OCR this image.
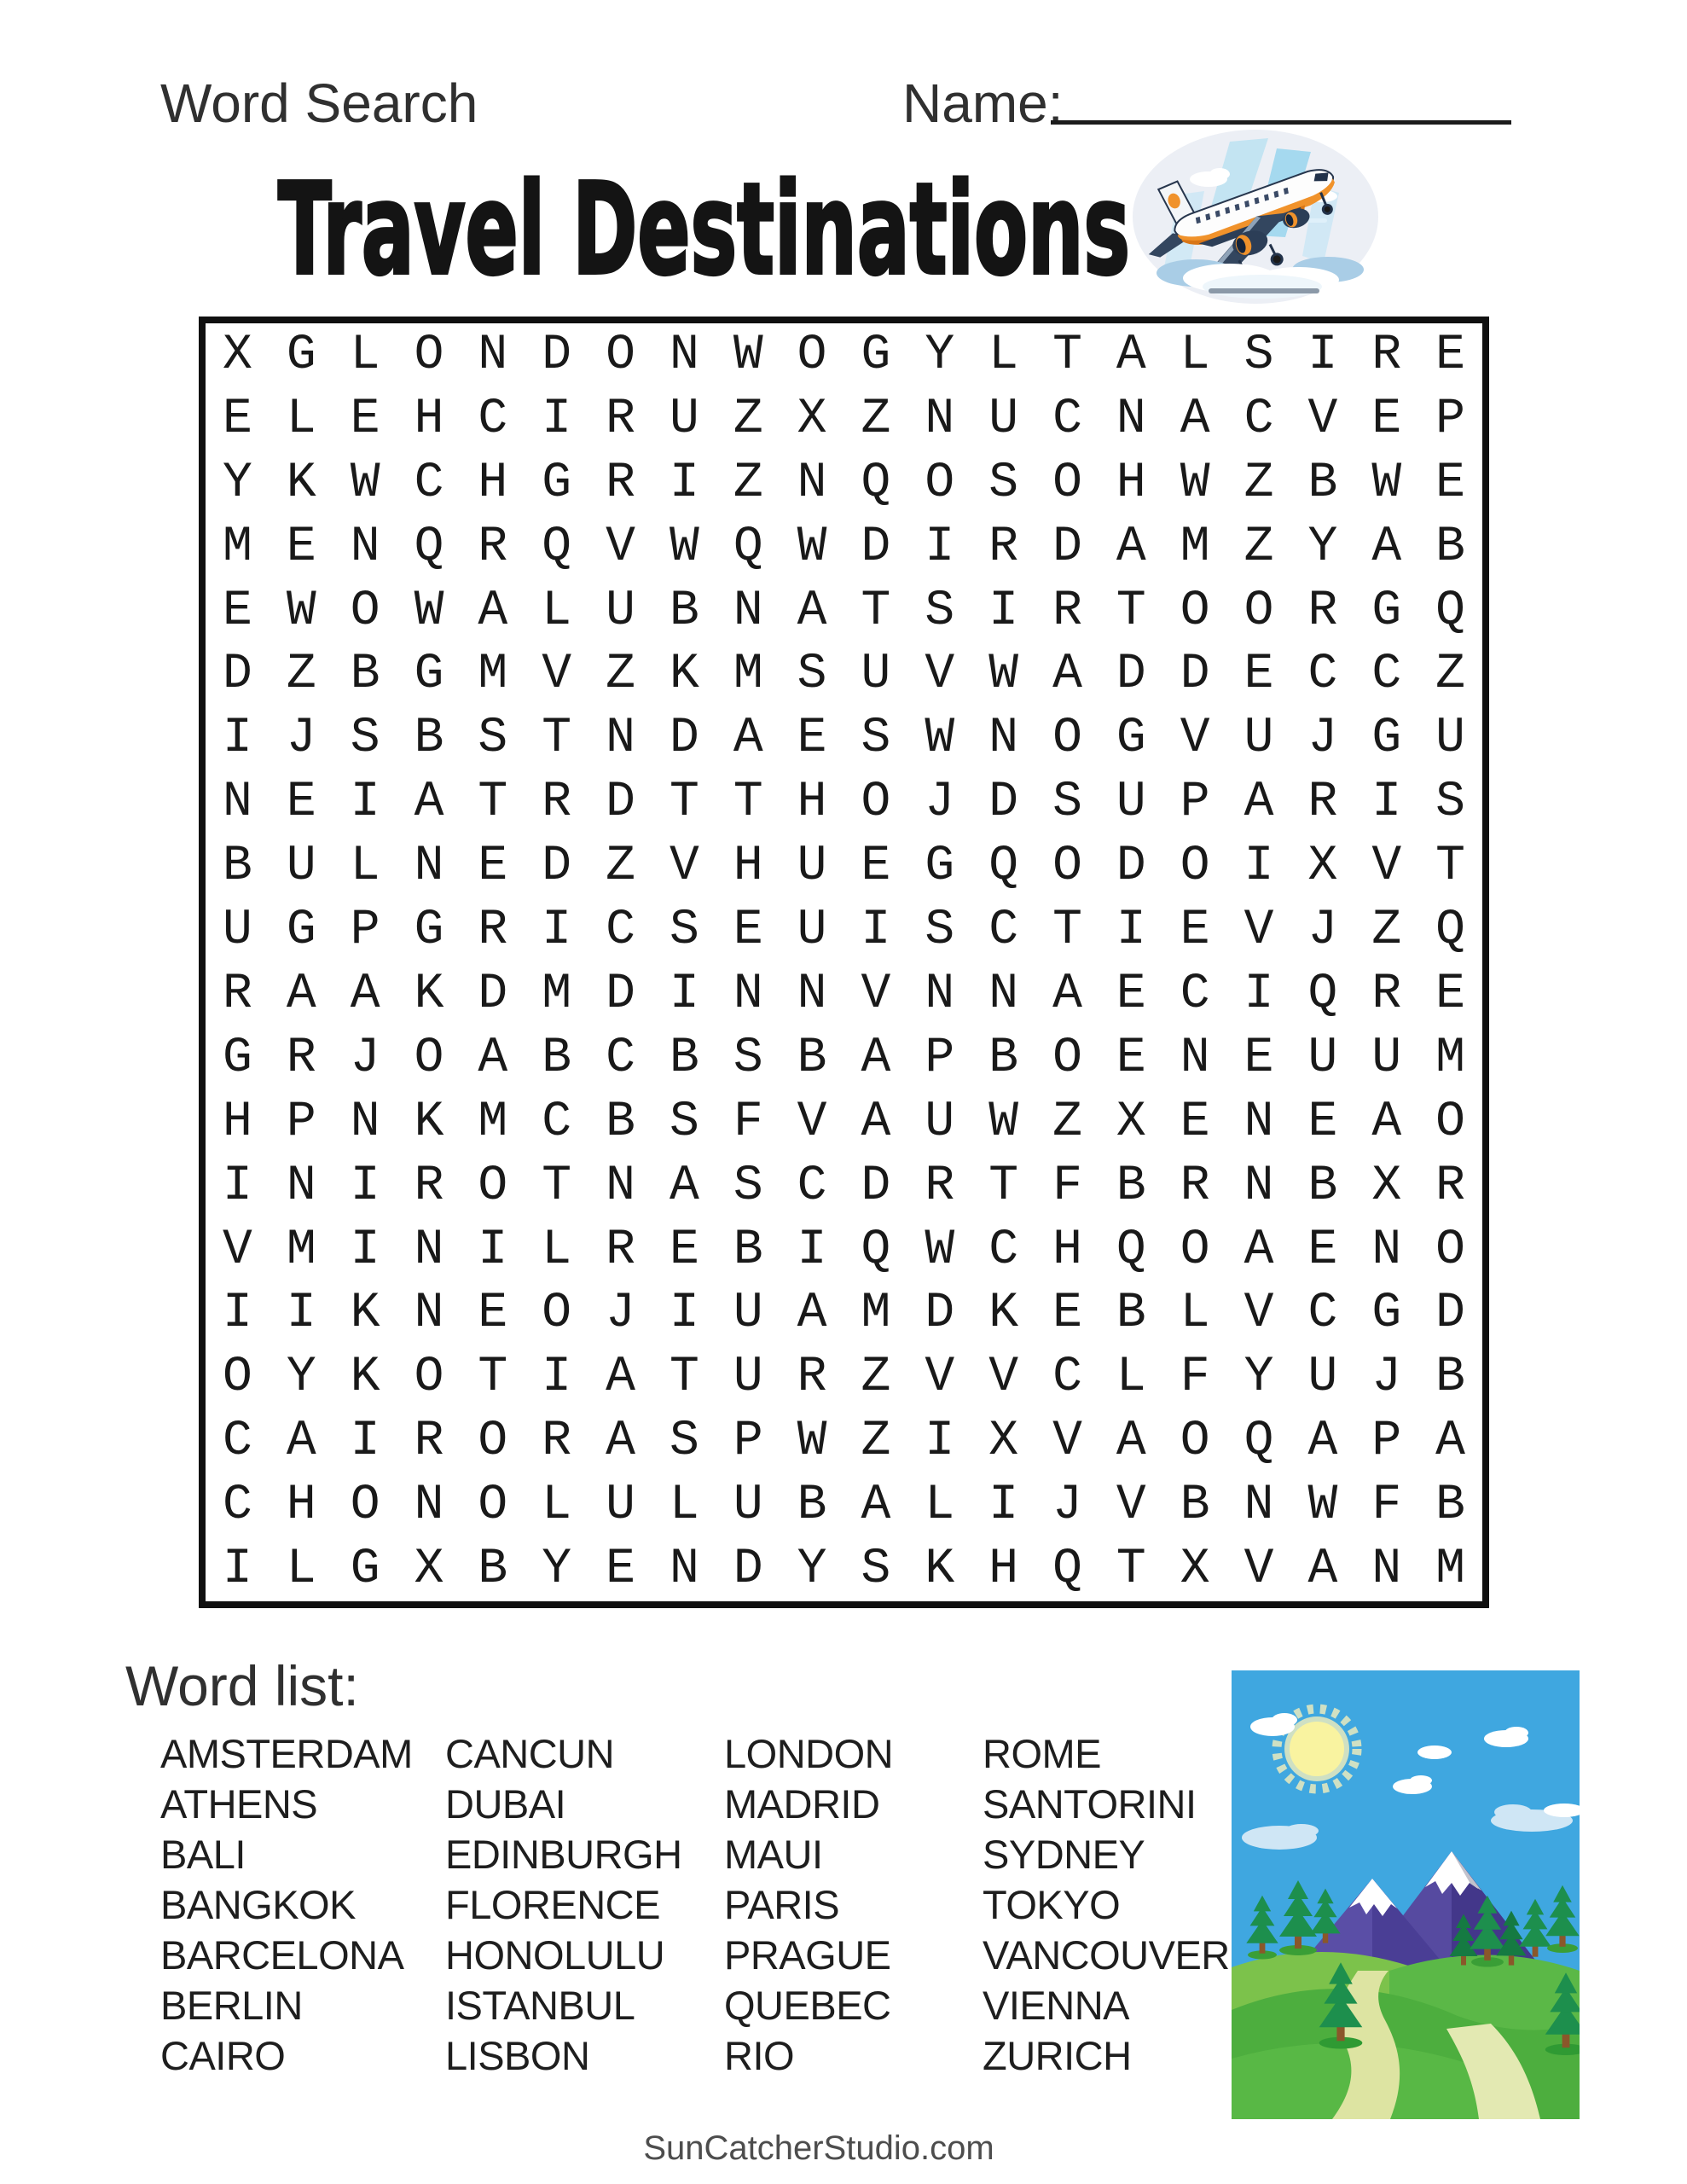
Word Search	Name:
Travel Destinations
X G L O N D O N W O G Y L T A L S I R E
E L E H C I R U Z X Z N U C N A C V E P
Y K W C H G R I Z N Q O S O H W Z B W E
M E N Q R Q V W Q W D I R D A M Z Y A B
E W O W A L U B N A T S I R T O O R G Q
D Z B G M V Z K M S U V W A D D E C C Z
I J S B S T N D A E S W N O G V U J G U
N E I A T R D T T H O J D S U P A R I S
B U L N E D Z V H U E G Q O D O I X V T
U G P G R I C S E U I S C T I E V J Z Q
R A A K D M D I N N V N N A E C I Q R E
G R J O A B C B S B A P B O E N E U U M
H P N K M C B S F V A U W Z X E N E A O
I N I R O T N A S C D R T F B R N B X R
V M I N I L R E B I Q W C H Q O A E N O
I I K N E O J I U A M D K E B L V C G D
O Y K O T I A T U R Z V V C L F Y U J B
C A I R O R A S P W Z I X V A O Q A P A
C H O N O L U L U B A L I J V B N W F B
I L G X B Y E N D Y S K H Q T X V A N M
Word list:
AMSTERDAM
ATHENS
BALI
BANGKOK
BARCELONA
BERLIN
CAIRO
CANCUN
DUBAI
EDINBURGH
FLORENCE
HONOLULU
ISTANBUL
LISBON
LONDON
MADRID
MAUI
PARIS
PRAGUE
QUEBEC
RIO
ROME
SANTORINI
SYDNEY
TOKYO
VANCOUVER
VIENNA
ZURICH
SunCatcherStudio.com
